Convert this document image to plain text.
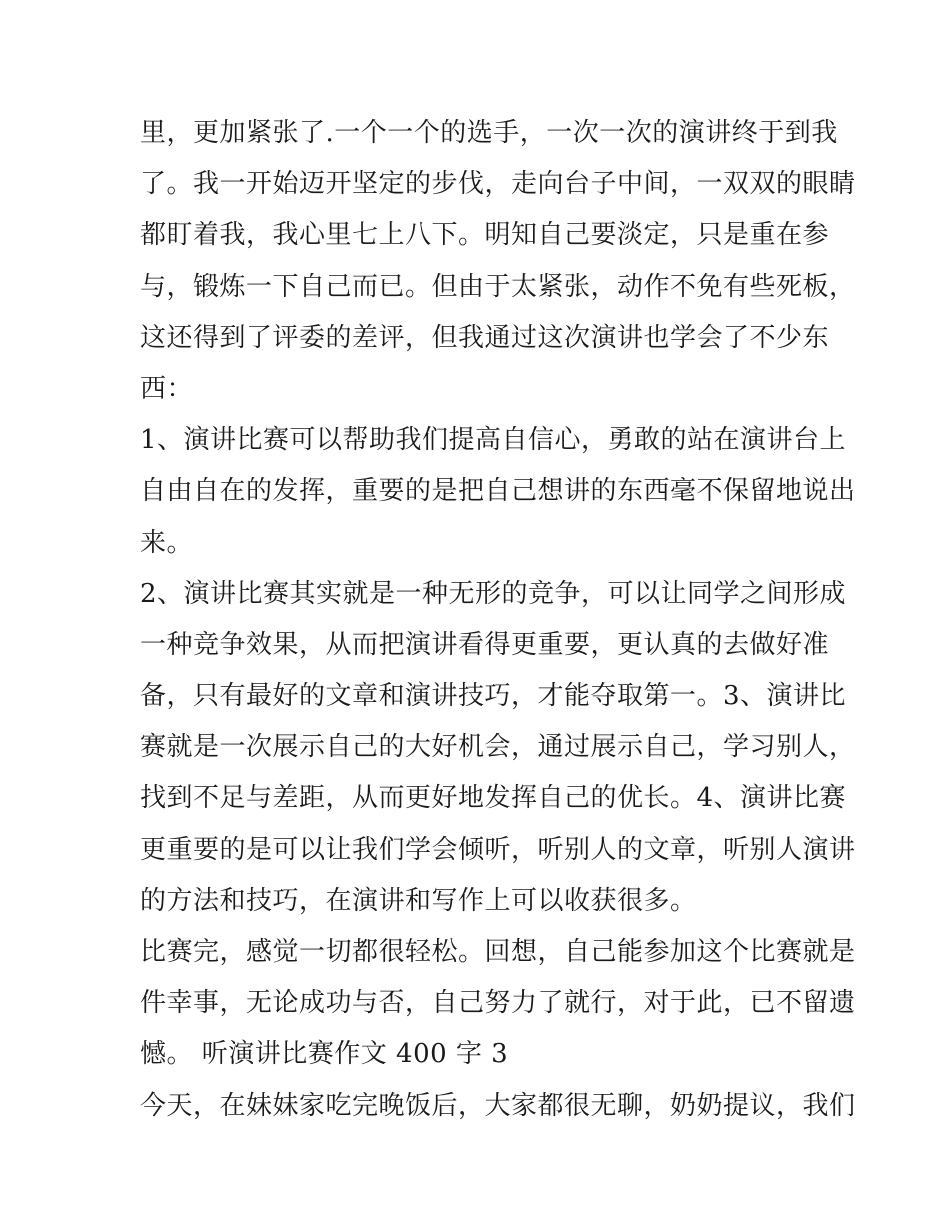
里，更加紧张了.一个一个的选手，一次一次的演讲终于到我
了。我一开始迈开坚定的步伐，走向台子中间，一双双的眼睛
都盯着我，我心里七上八下。明知自己要淡定，只是重在参
与，锻炼一下自己而已。但由于太紧张，动作不免有些死板，
这还得到了评委的差评，但我通过这次演讲也学会了不少东
西：
1、演讲比赛可以帮助我们提高自信心，勇敢的站在演讲台上
自由自在的发挥，重要的是把自己想讲的东西毫不保留地说出
来。
2、演讲比赛其实就是一种无形的竞争，可以让同学之间形成
一种竞争效果，从而把演讲看得更重要，更认真的去做好准
备，只有最好的文章和演讲技巧，才能夺取第一。3、演讲比
赛就是一次展示自己的大好机会，通过展示自己，学习别人，
找到不足与差距，从而更好地发挥自己的优长。4、演讲比赛
更重要的是可以让我们学会倾听，听别人的文章，听别人演讲
的方法和技巧，在演讲和写作上可以收获很多。
比赛完，感觉一切都很轻松。回想，自己能参加这个比赛就是
件幸事，无论成功与否，自己努力了就行，对于此，已不留遗
憾。 听演讲比赛作文 400 字 3
今天，在妹妹家吃完晚饭后，大家都很无聊，奶奶提议，我们
